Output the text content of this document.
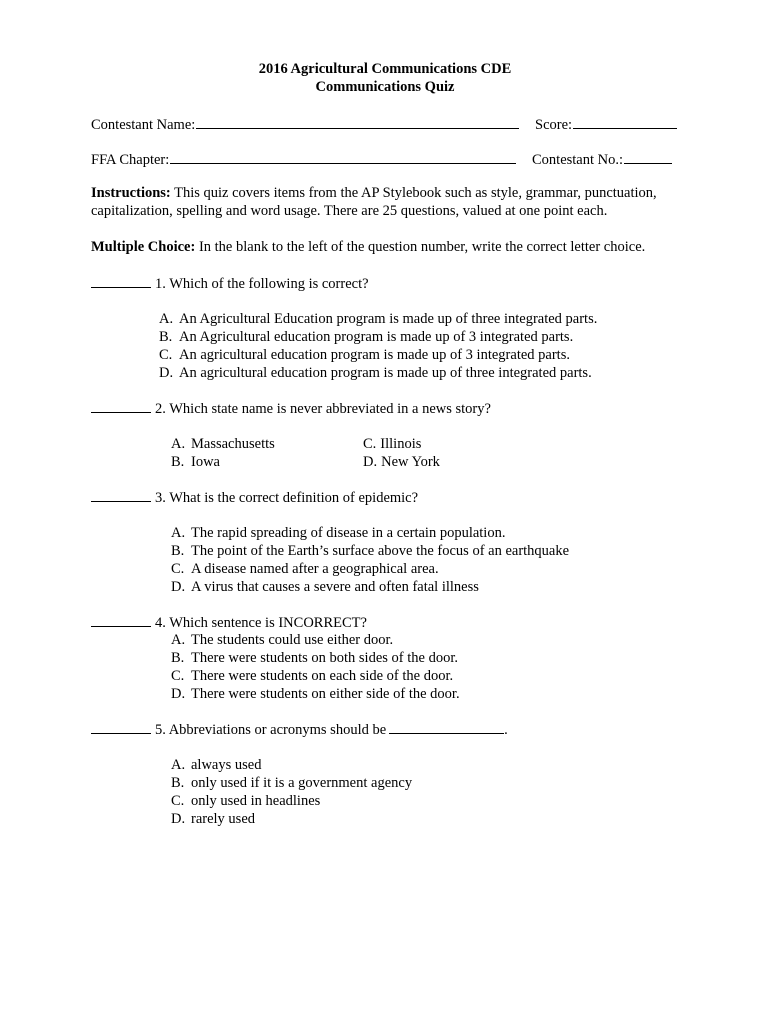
2016 Agricultural Communications CDE
Communications Quiz
Contestant Name:	Score:
FFA Chapter:	Contestant No.:
Instructions: This quiz covers items from the AP Stylebook such as style, grammar, punctuation, capitalization, spelling and word usage. There are 25 questions, valued at one point each.
Multiple Choice: In the blank to the left of the question number, write the correct letter choice.
1. Which of the following is correct?
A. An Agricultural Education program is made up of three integrated parts.
B. An Agricultural education program is made up of 3 integrated parts.
C. An agricultural education program is made up of 3 integrated parts.
D. An agricultural education program is made up of three integrated parts.
2. Which state name is never abbreviated in a news story?
A. Massachusetts
B. Iowa
C. Illinois
D. New York
3. What is the correct definition of epidemic?
A. The rapid spreading of disease in a certain population.
B. The point of the Earth’s surface above the focus of an earthquake
C. A disease named after a geographical area.
D. A virus that causes a severe and often fatal illness
4. Which sentence is INCORRECT?
A. The students could use either door.
B. There were students on both sides of the door.
C. There were students on each side of the door.
D. There were students on either side of the door.
5. Abbreviations or acronyms should be	.
A. always used
B. only used if it is a government agency
C. only used in headlines
D. rarely used
